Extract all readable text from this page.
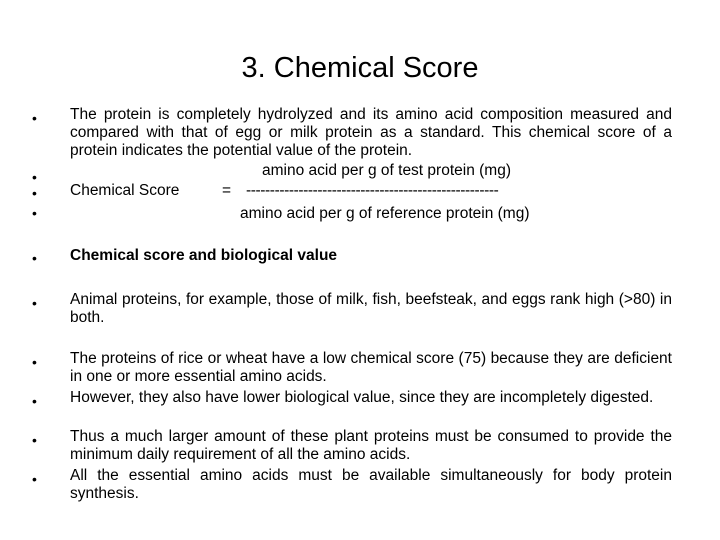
3. Chemical Score
•
•
•
•
•
•
•
•
•
•
The protein is completely hydrolyzed and its amino acid composition measured and compared with that of egg or milk protein as a standard. This chemical score of a protein indicates the potential value of the protein.
amino acid per g of test protein (mg)
Chemical Score	= -----------------------------------------------------
amino acid per g of reference protein (mg)
Chemical score and biological value
Animal proteins, for example, those of milk, fish, beefsteak, and eggs rank high (>80) in both.
The proteins of rice or wheat have a low chemical score (75) because they are deficient in one or more essential amino acids.
However, they also have lower biological value, since they are incompletely digested.
Thus a much larger amount of these plant proteins must be consumed to provide the minimum daily requirement of all the amino acids.
All the essential amino acids must be available simultaneously for body protein synthesis.
